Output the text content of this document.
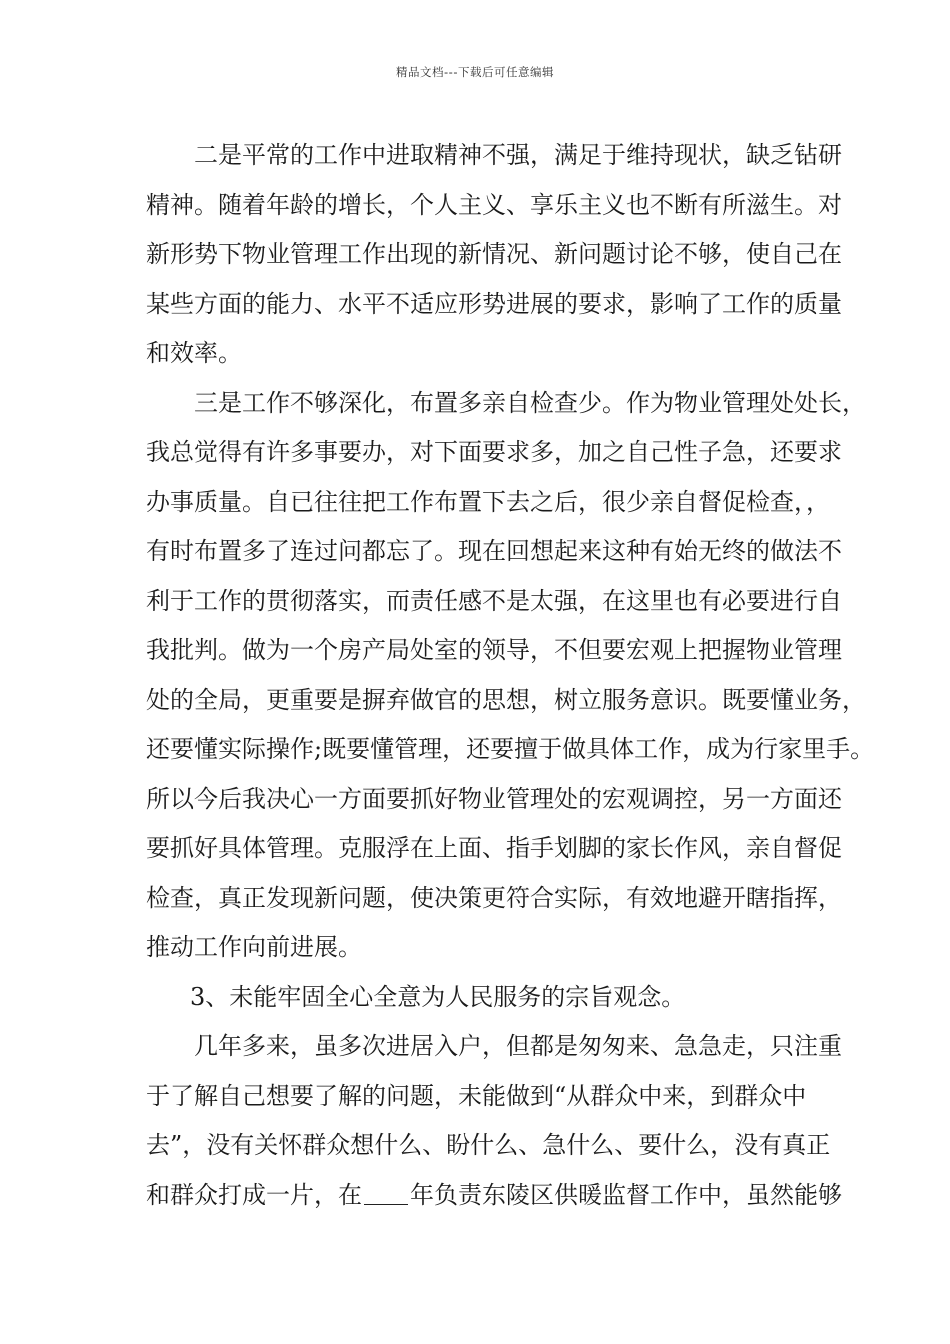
精品文档---下载后可任意编辑
二是平常的工作中进取精神不强，满足于维持现状，缺乏钻研
精神。随着年龄的增长，个人主义、享乐主义也不断有所滋生。对
新形势下物业管理工作出现的新情况、新问题讨论不够，使自己在
某些方面的能力、水平不适应形势进展的要求，影响了工作的质量
和效率。
三是工作不够深化，布置多亲自检查少。作为物业管理处处长，
我总觉得有许多事要办，对下面要求多，加之自己性子急，还要求
办事质量。自已往往把工作布置下去之后，很少亲自督促检查，，
有时布置多了连过问都忘了。现在回想起来这种有始无终的做法不
利于工作的贯彻落实，而责任感不是太强，在这里也有必要进行自
我批判。做为一个房产局处室的领导，不但要宏观上把握物业管理
处的全局，更重要是摒弃做官的思想，树立服务意识。既要懂业务，
还要懂实际操作;既要懂管理，还要擅于做具体工作，成为行家里手。
所以今后我决心一方面要抓好物业管理处的宏观调控，另一方面还
要抓好具体管理。克服浮在上面、指手划脚的家长作风，亲自督促
检查，真正发现新问题，使决策更符合实际，有效地避开瞎指挥，
推动工作向前进展。
3、未能牢固全心全意为人民服务的宗旨观念。
几年多来，虽多次进居入户，但都是匆匆来、急急走，只注重
于了解自己想要了解的问题，未能做到“从群众中来，到群众中
去”，没有关怀群众想什么、盼什么、急什么、要什么，没有真正
和群众打成一片，在 年负责东陵区供暖监督工作中，虽然能够
